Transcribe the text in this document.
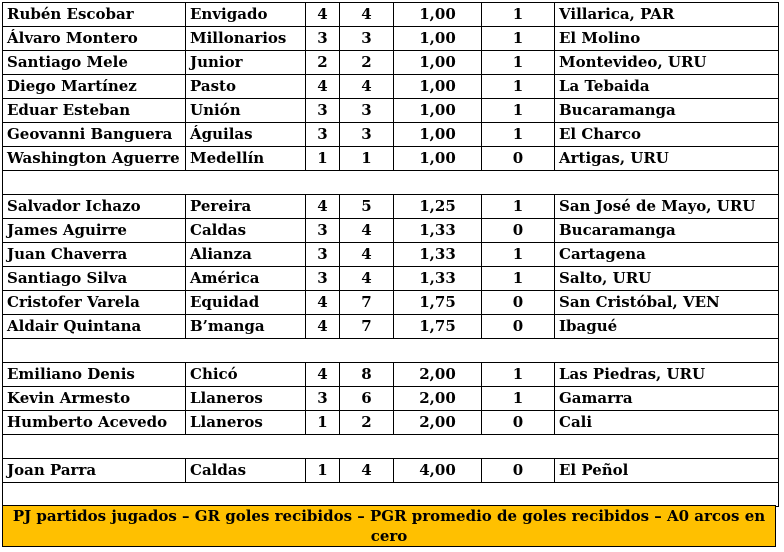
Rubén Escobar	Envigado	4	4	1,00	1	Villarica, PAR
Álvaro Montero	Millonarios	3	3	1,00	1	El Molino
Santiago Mele	Junior	2	2	1,00	1	Montevideo, URU
Diego Martínez	Pasto	4	4	1,00	1	La Tebaida
Eduar Esteban	Unión	3	3	1,00	1	Bucaramanga
Geovanni Banguera	Águilas	3	3	1,00	1	El Charco
Washington Aguerre	Medellín	1	1	1,00	0	Artigas, URU

Salvador Ichazo	Pereira	4	5	1,25	1	San José de Mayo, URU
James Aguirre	Caldas	3	4	1,33	0	Bucaramanga
Juan Chaverra	Alianza	3	4	1,33	1	Cartagena
Santiago Silva	América	3	4	1,33	1	Salto, URU
Cristofer Varela	Equidad	4	7	1,75	0	San Cristóbal, VEN
Aldair Quintana	B’manga	4	7	1,75	0	Ibagué

Emiliano Denis	Chicó	4	8	2,00	1	Las Piedras, URU
Kevin Armesto	Llaneros	3	6	2,00	1	Gamarra
Humberto Acevedo	Llaneros	1	2	2,00	0	Cali

Joan Parra	Caldas	1	4	4,00	0	El Peñol

PJ partidos jugados – GR goles recibidos – PGR promedio de goles recibidos – A0 arcos en cero
